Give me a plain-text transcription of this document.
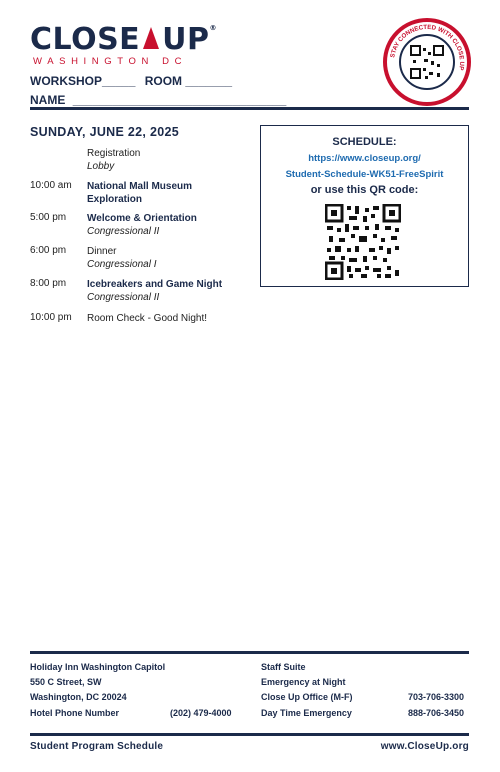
CLOSE UP®
WASHINGTON DC
STAY CONNECTED WITH CLOSE UP
WORKSHOP_____ ROOM _______
NAME ________________________________
SUNDAY, JUNE 22, 2025
Registration
Lobby
10:00 am	National Mall Museum Exploration
5:00 pm	Welcome & Orientation
Congressional II
6:00 pm	Dinner
Congressional I
8:00 pm	Icebreakers and Game Night
Congressional II
10:00 pm	Room Check - Good Night!
SCHEDULE:
https://www.closeup.org/
Student-Schedule-WK51-FreeSpirit
or use this QR code:
Holiday Inn Washington Capitol
550 C Street, SW
Washington, DC 20024
Hotel Phone Number	(202) 479-4000
Staff Suite
Emergency at Night
Close Up Office (M-F)	703-706-3300
Day Time Emergency	888-706-3450
Student Program Schedule	www.CloseUp.org
